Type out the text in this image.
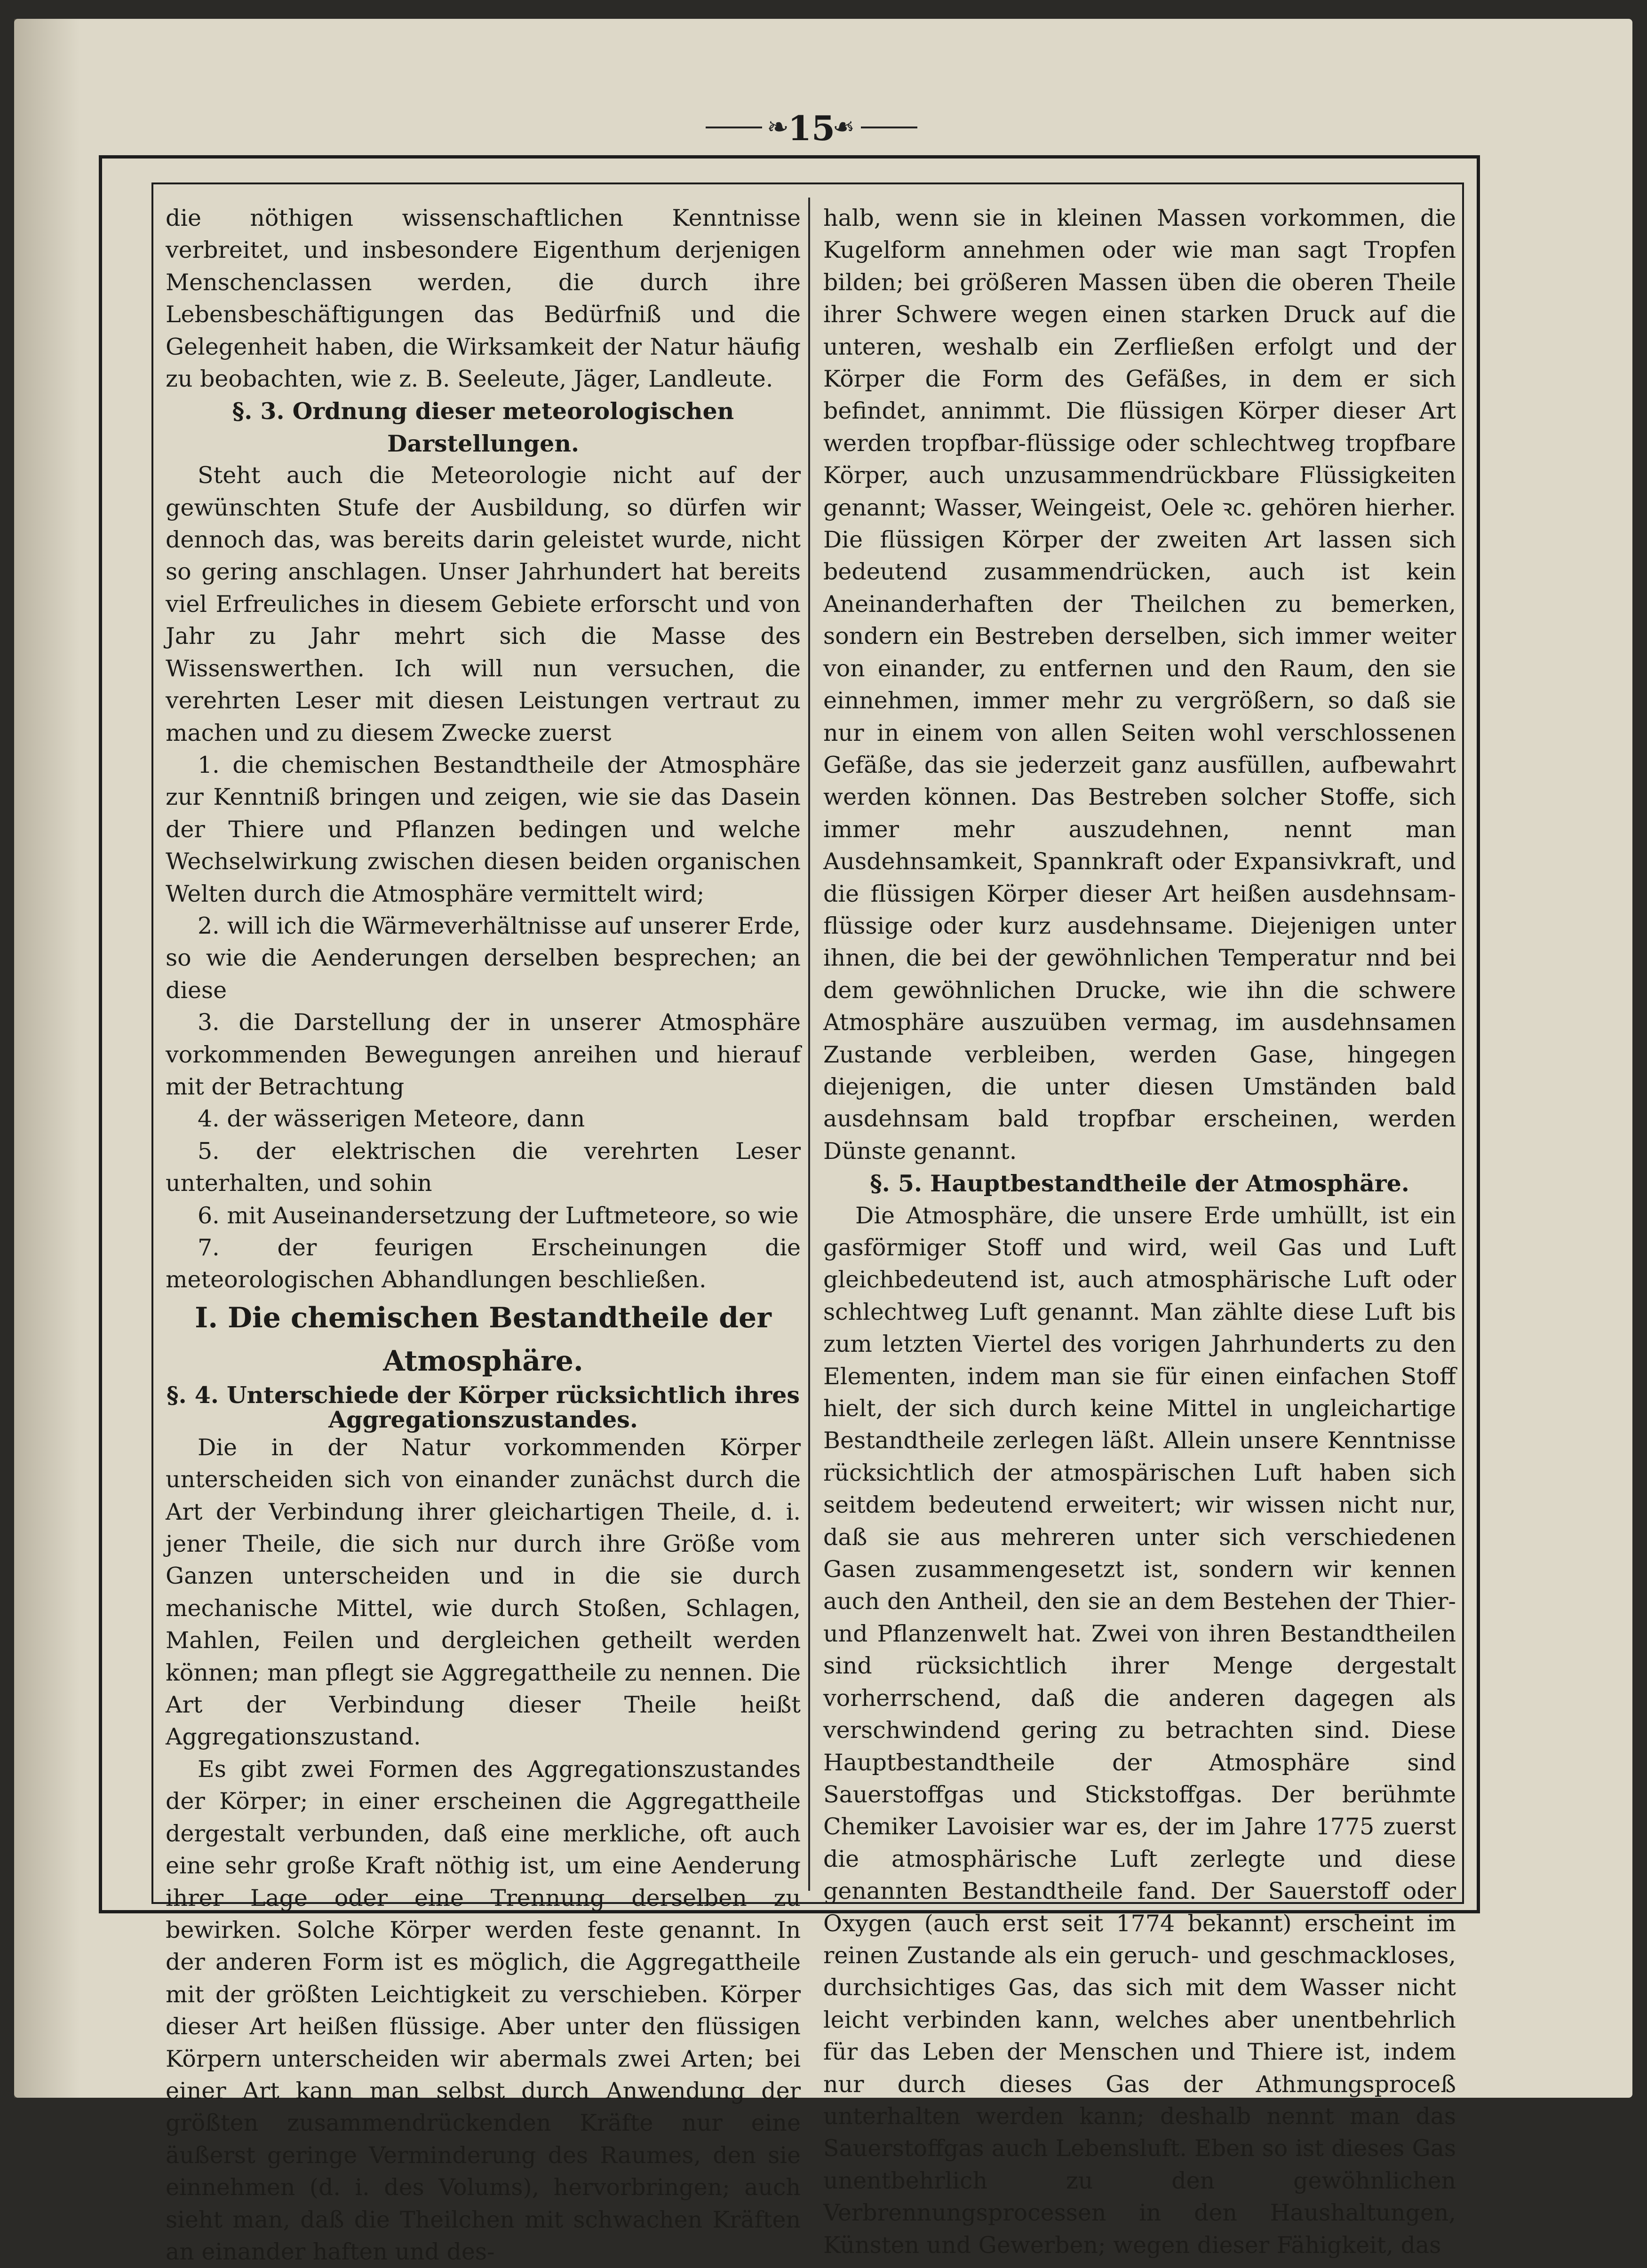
❧
15
❧

die nöthigen wissenschaftlichen Kenntnisse verbreitet, und insbesondere Eigenthum derjenigen Menschenclassen werden, die durch ihre Lebensbeschäftigungen das Bedürfniß und die Gelegenheit haben, die Wirksamkeit der Natur häufig zu beobachten, wie z. B. Seeleute, Jäger, Landleute.

§. 3. Ordnung dieser meteorologischen Darstellungen.

Steht auch die Meteorologie nicht auf der gewünschten Stufe der Ausbildung, so dürfen wir dennoch das, was bereits darin geleistet wurde, nicht so gering anschlagen. Unser Jahrhundert hat bereits viel Erfreuliches in diesem Gebiete erforscht und von Jahr zu Jahr mehrt sich die Masse des Wissenswerthen. Ich will nun versuchen, die verehrten Leser mit diesen Leistungen vertraut zu machen und zu diesem Zwecke zuerst

1. die chemischen Bestandtheile der Atmosphäre zur Kenntniß bringen und zeigen, wie sie das Dasein der Thiere und Pflanzen bedingen und welche Wechselwirkung zwischen diesen beiden organischen Welten durch die Atmosphäre vermittelt wird;

2. will ich die Wärmeverhältnisse auf unserer Erde, so wie die Aenderungen derselben besprechen; an diese

3. die Darstellung der in unserer Atmosphäre vorkommenden Bewegungen anreihen und hierauf mit der Betrachtung

4. der wässerigen Meteore, dann

5. der elektrischen die verehrten Leser unterhalten, und sohin

6. mit Auseinandersetzung der Luftmeteore, so wie

7. der feurigen Erscheinungen die meteorologischen Abhandlungen beschließen.

I. Die chemischen Bestandtheile der Atmosphäre.

§. 4. Unterschiede der Körper rücksichtlich ihres Aggregationszustandes.

Die in der Natur vorkommenden Körper unterscheiden sich von einander zunächst durch die Art der Verbindung ihrer gleichartigen Theile, d. i. jener Theile, die sich nur durch ihre Größe vom Ganzen unterscheiden und in die sie durch mechanische Mittel, wie durch Stoßen, Schlagen, Mahlen, Feilen und dergleichen getheilt werden können; man pflegt sie Aggregattheile zu nennen. Die Art der Verbindung dieser Theile heißt Aggregationszustand.

Es gibt zwei Formen des Aggregationszustandes der Körper; in einer erscheinen die Aggregattheile dergestalt verbunden, daß eine merkliche, oft auch eine sehr große Kraft nöthig ist, um eine Aenderung ihrer Lage oder eine Trennung derselben zu bewirken. Solche Körper werden feste genannt. In der anderen Form ist es möglich, die Aggregattheile mit der größten Leichtigkeit zu verschieben. Körper dieser Art heißen flüssige. Aber unter den flüssigen Körpern unterscheiden wir abermals zwei Arten; bei einer Art kann man selbst durch Anwendung der größten zusammendrückenden Kräfte nur eine äußerst geringe Verminderung des Raumes, den sie einnehmen (d. i. des Volums), hervorbringen; auch sieht man, daß die Theilchen mit schwachen Kräften an einander haften und des-

halb, wenn sie in kleinen Massen vorkommen, die Kugelform annehmen oder wie man sagt Tropfen bilden; bei größeren Massen üben die oberen Theile ihrer Schwere wegen einen starken Druck auf die unteren, weshalb ein Zerfließen erfolgt und der Körper die Form des Gefäßes, in dem er sich befindet, annimmt. Die flüssigen Körper dieser Art werden tropfbar-flüssige oder schlechtweg tropfbare Körper, auch unzusammendrückbare Flüssigkeiten genannt; Wasser, Weingeist, Oele ꝛc. gehören hierher. Die flüssigen Körper der zweiten Art lassen sich bedeutend zusammendrücken, auch ist kein Aneinanderhaften der Theilchen zu bemerken, sondern ein Bestreben derselben, sich immer weiter von einander, zu entfernen und den Raum, den sie einnehmen, immer mehr zu vergrößern, so daß sie nur in einem von allen Seiten wohl verschlossenen Gefäße, das sie jederzeit ganz ausfüllen, aufbewahrt werden können. Das Bestreben solcher Stoffe, sich immer mehr auszudehnen, nennt man Ausdehnsamkeit, Spannkraft oder Expansivkraft, und die flüssigen Körper dieser Art heißen ausdehnsam-flüssige oder kurz ausdehnsame. Diejenigen unter ihnen, die bei der gewöhnlichen Temperatur nnd bei dem gewöhnlichen Drucke, wie ihn die schwere Atmosphäre auszuüben vermag, im ausdehnsamen Zustande verbleiben, werden Gase, hingegen diejenigen, die unter diesen Umständen bald ausdehnsam bald tropfbar erscheinen, werden Dünste genannt.

§. 5. Hauptbestandtheile der Atmosphäre.

Die Atmosphäre, die unsere Erde umhüllt, ist ein gasförmiger Stoff und wird, weil Gas und Luft gleichbedeutend ist, auch atmosphärische Luft oder schlechtweg Luft genannt. Man zählte diese Luft bis zum letzten Viertel des vorigen Jahrhunderts zu den Elementen, indem man sie für einen einfachen Stoff hielt, der sich durch keine Mittel in ungleichartige Bestandtheile zerlegen läßt. Allein unsere Kenntnisse rücksichtlich der atmospärischen Luft haben sich seitdem bedeutend erweitert; wir wissen nicht nur, daß sie aus mehreren unter sich verschiedenen Gasen zusammengesetzt ist, sondern wir kennen auch den Antheil, den sie an dem Bestehen der Thier- und Pflanzenwelt hat. Zwei von ihren Bestandtheilen sind rücksichtlich ihrer Menge dergestalt vorherrschend, daß die anderen dagegen als verschwindend gering zu betrachten sind. Diese Hauptbestandtheile der Atmosphäre sind Sauerstoffgas und Stickstoffgas. Der berühmte Chemiker Lavoisier war es, der im Jahre 1775 zuerst die atmosphärische Luft zerlegte und diese genannten Bestandtheile fand. Der Sauerstoff oder Oxygen (auch erst seit 1774 bekannt) erscheint im reinen Zustande als ein geruch- und geschmackloses, durchsichtiges Gas, das sich mit dem Wasser nicht leicht verbinden kann, welches aber unentbehrlich für das Leben der Menschen und Thiere ist, indem nur durch dieses Gas der Athmungsproceß unterhalten werden kann; deshalb nennt man das Sauerstoffgas auch Lebensluft. Eben so ist dieses Gas unentbehrlich zu den gewöhnlichen Verbrennungsprocessen in den Haushaltungen, Künsten und Gewerben; wegen dieser Fähigkeit, das
